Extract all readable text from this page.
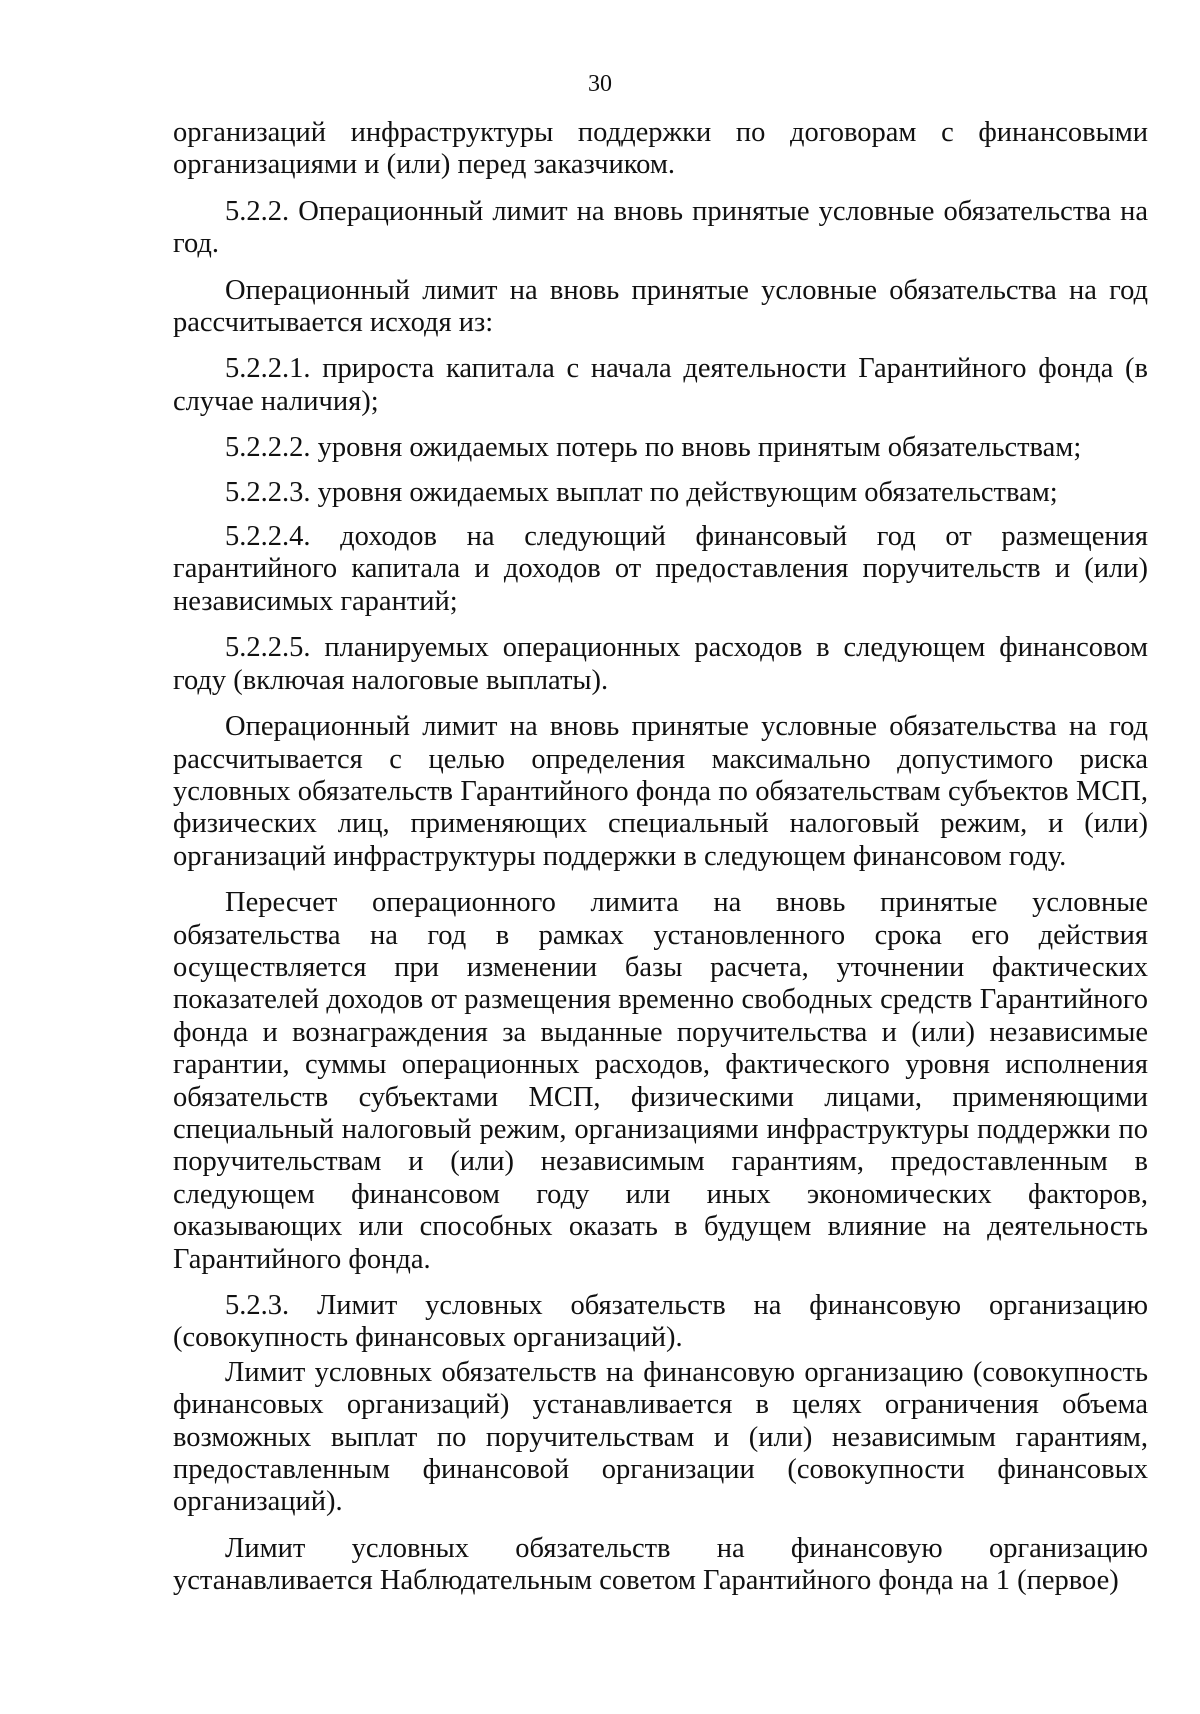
30

организаций инфраструктуры поддержки по договорам с финансовыми организациями и (или) перед заказчиком.

5.2.2. Операционный лимит на вновь принятые условные обязательства на год.

Операционный лимит на вновь принятые условные обязательства на год рассчитывается исходя из:

5.2.2.1. прироста капитала с начала деятельности Гарантийного фонда (в случае наличия);

5.2.2.2. уровня ожидаемых потерь по вновь принятым обязательствам;

5.2.2.3. уровня ожидаемых выплат по действующим обязательствам;

5.2.2.4. доходов на следующий финансовый год от размещения гарантийного капитала и доходов от предоставления поручительств и (или) независимых гарантий;

5.2.2.5. планируемых операционных расходов в следующем финансовом году (включая налоговые выплаты).

Операционный лимит на вновь принятые условные обязательства на год рассчитывается с целью определения максимально допустимого риска условных обязательств Гарантийного фонда по обязательствам субъектов МСП, физических лиц, применяющих специальный налоговый режим, и (или) организаций инфраструктуры поддержки в следующем финансовом году.

Пересчет операционного лимита на вновь принятые условные обязательства на год в рамках установленного срока его действия осуществляется при изменении базы расчета, уточнении фактических показателей доходов от размещения временно свободных средств Гарантийного фонда и вознаграждения за выданные поручительства и (или) независимые гарантии, суммы операционных расходов, фактического уровня исполнения обязательств субъектами МСП, физическими лицами, применяющими специальный налоговый режим, организациями инфраструктуры поддержки по поручительствам и (или) независимым гарантиям, предоставленным в следующем финансовом году или иных экономических факторов, оказывающих или способных оказать в будущем влияние на деятельность Гарантийного фонда.

5.2.3. Лимит условных обязательств на финансовую организацию (совокупность финансовых организаций).

Лимит условных обязательств на финансовую организацию (совокупность финансовых организаций) устанавливается в целях ограничения объема возможных выплат по поручительствам и (или) независимым гарантиям, предоставленным финансовой организации (совокупности финансовых организаций).

Лимит условных обязательств на финансовую организацию устанавливается Наблюдательным советом Гарантийного фонда на 1 (первое)
